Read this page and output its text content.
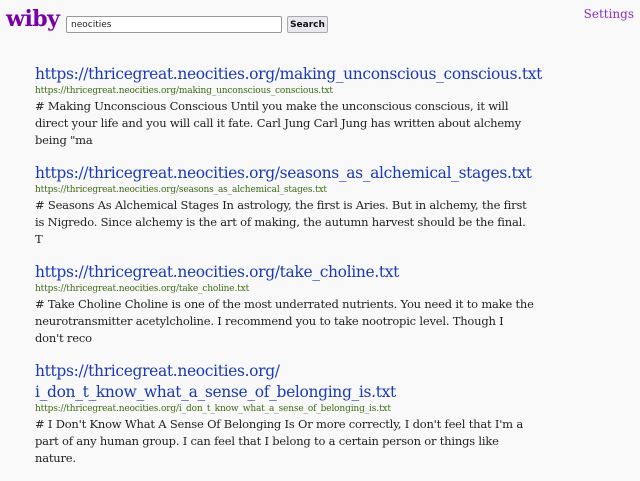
wiby
neocities	Search
Settings
https://thricegreat.neocities.org/making_unconscious_conscious.txt
https://thricegreat.neocities.org/making_unconscious_conscious.txt

# Making Unconscious Conscious Until you make the unconscious conscious, it will direct your life and you will call it fate. Carl Jung Carl Jung has written about alchemy being "ma

https://thricegreat.neocities.org/seasons_as_alchemical_stages.txt
https://thricegreat.neocities.org/seasons_as_alchemical_stages.txt

# Seasons As Alchemical Stages In astrology, the first is Aries. But in alchemy, the first is Nigredo. Since alchemy is the art of making, the autumn harvest should be the final. T

https://thricegreat.neocities.org/take_choline.txt
https://thricegreat.neocities.org/take_choline.txt

# Take Choline Choline is one of the most underrated nutrients. You need it to make the neurotransmitter acetylcholine. I recommend you to take nootropic level. Though I don't reco

https://thricegreat.neocities.org/ i_don_t_know_what_a_sense_of_belonging_is.txt
https://thricegreat.neocities.org/i_don_t_know_what_a_sense_of_belonging_is.txt

# I Don't Know What A Sense Of Belonging Is Or more correctly, I don't feel that I'm a part of any human group. I can feel that I belong to a certain person or things like nature.
